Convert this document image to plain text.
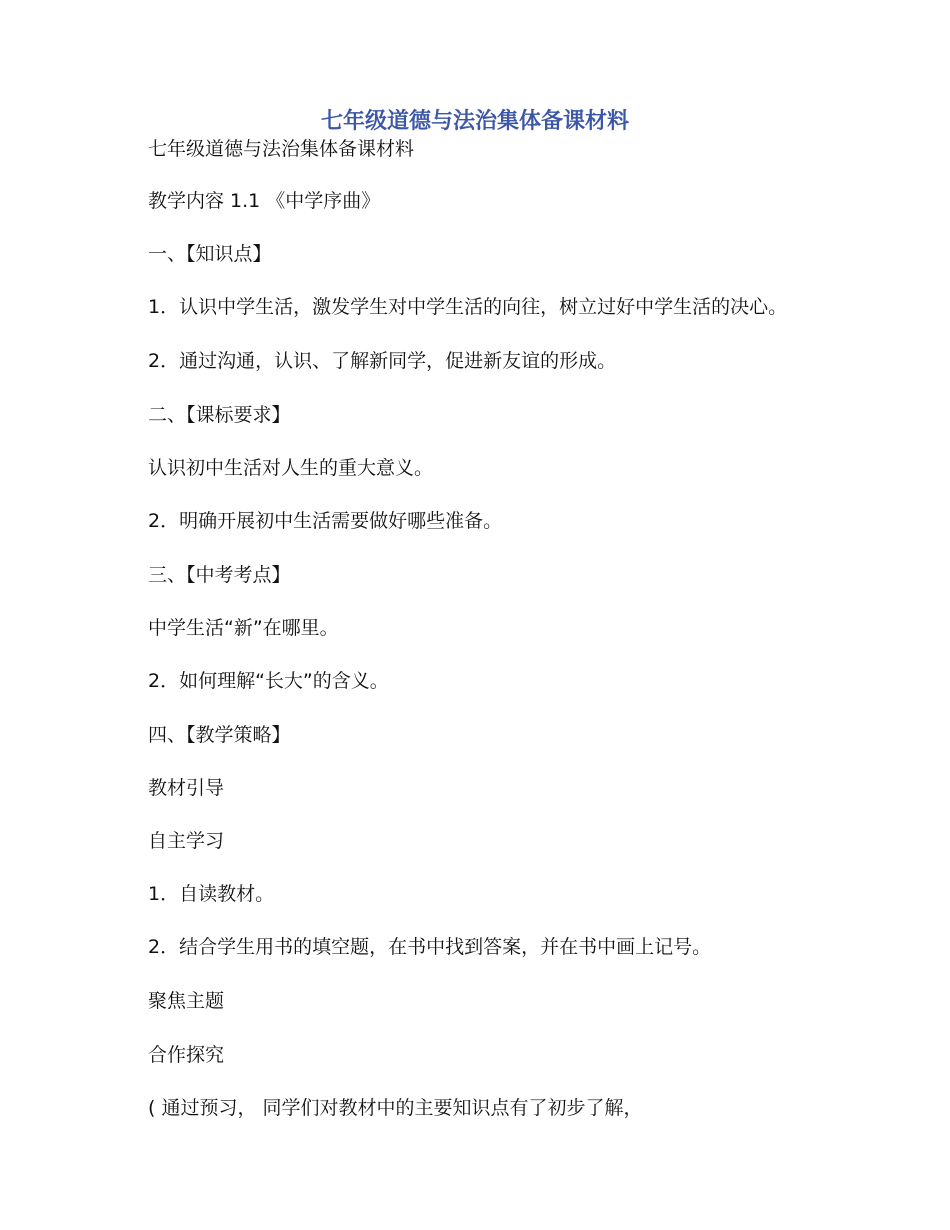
七年级道德与法治集体备课材料
七年级道德与法治集体备课材料
教学内容 1.1 《中学序曲》
一、【知识点】
1．认识中学生活，激发学生对中学生活的向往，树立过好中学生活的决心。
2．通过沟通，认识、了解新同学，促进新友谊的形成。
二、【课标要求】
认识初中生活对人生的重大意义。
2．明确开展初中生活需要做好哪些准备。
三、【中考考点】
中学生活“新”在哪里。
2．如何理解“长大”的含义。
四、【教学策略】
教材引导
自主学习
1．自读教材。
2．结合学生用书的填空题，在书中找到答案，并在书中画上记号。
聚焦主题
合作探究
( 通过预习， 同学们对教材中的主要知识点有了初步了解，
